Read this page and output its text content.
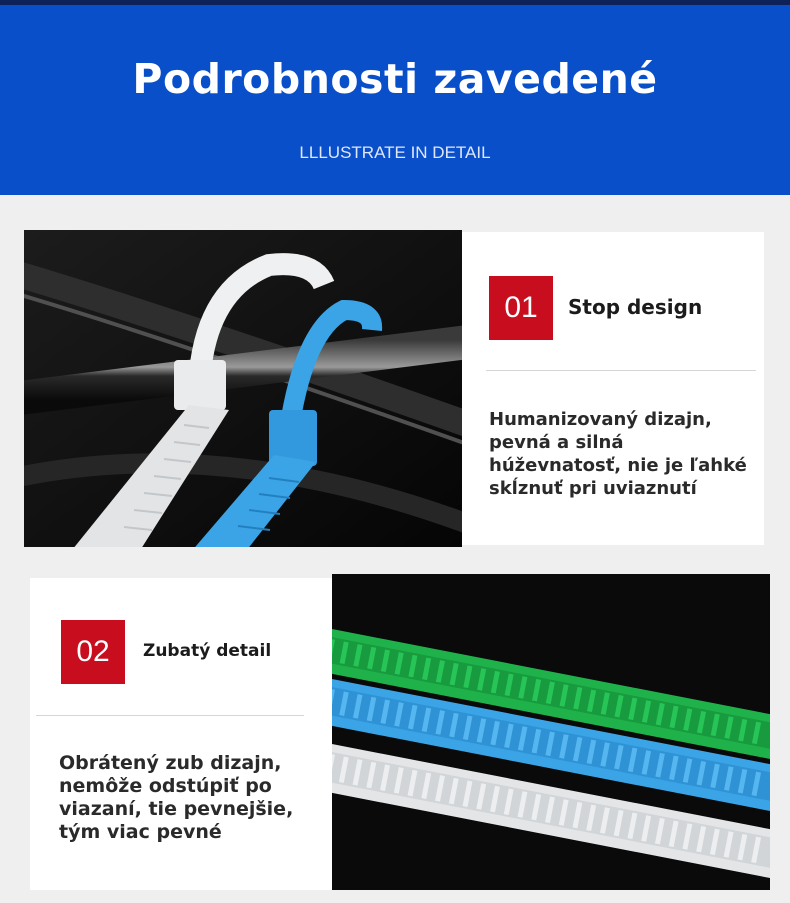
Podrobnosti zavedené
LLLUSTRATE IN DETAIL
01	Stop design
Humanizovaný dizajn,
pevná a silná
húževnatosť, nie je ľahké
skĺznuť pri uviaznutí
02	Zubatý detail
Obrátený zub dizajn,
nemôže odstúpiť po
viazaní, tie pevnejšie,
tým viac pevné
